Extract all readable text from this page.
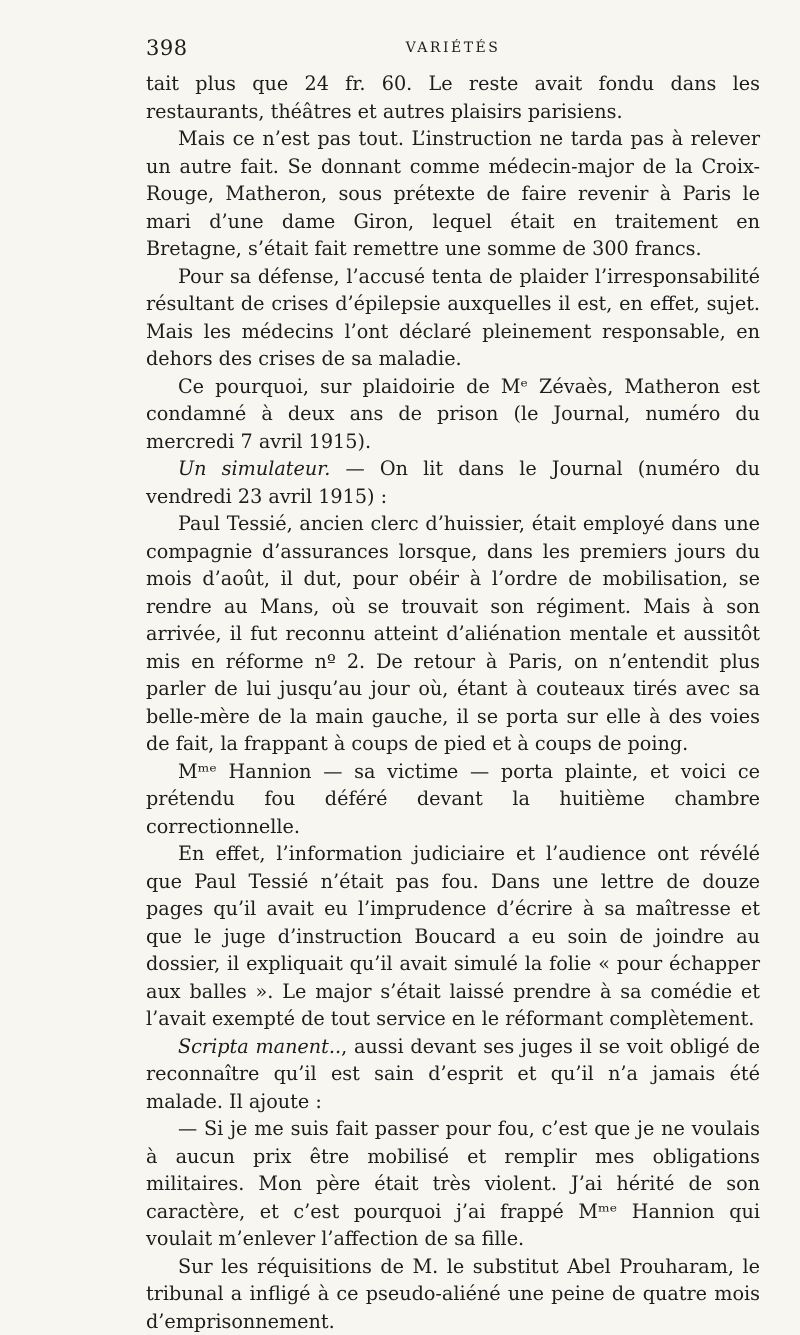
398	VARIÉTÉS

tait plus que 24 fr. 60. Le reste avait fondu dans les restaurants, théâtres et autres plaisirs parisiens.

Mais ce n’est pas tout. L’instruction ne tarda pas à relever un autre fait. Se donnant comme médecin-major de la Croix-Rouge, Matheron, sous prétexte de faire revenir à Paris le mari d’une dame Giron, lequel était en traitement en Bretagne, s’était fait remettre une somme de 300 francs.

Pour sa défense, l’accusé tenta de plaider l’irresponsabilité résultant de crises d’épilepsie auxquelles il est, en effet, sujet. Mais les médecins l’ont déclaré pleinement responsable, en dehors des crises de sa maladie.

Ce pourquoi, sur plaidoirie de Mᵉ Zévaès, Matheron est condamné à deux ans de prison (le Journal, numéro du mercredi 7 avril 1915).

Un simulateur. — On lit dans le Journal (numéro du vendredi 23 avril 1915) :

Paul Tessié, ancien clerc d’huissier, était employé dans une compagnie d’assurances lorsque, dans les premiers jours du mois d’août, il dut, pour obéir à l’ordre de mobilisation, se rendre au Mans, où se trouvait son régiment. Mais à son arrivée, il fut reconnu atteint d’aliénation mentale et aussitôt mis en réforme nº 2. De retour à Paris, on n’entendit plus parler de lui jusqu’au jour où, étant à couteaux tirés avec sa belle-mère de la main gauche, il se porta sur elle à des voies de fait, la frappant à coups de pied et à coups de poing.

Mᵐᵉ Hannion — sa victime — porta plainte, et voici ce prétendu fou déféré devant la huitième chambre correctionnelle.

En effet, l’information judiciaire et l’audience ont révélé que Paul Tessié n’était pas fou. Dans une lettre de douze pages qu’il avait eu l’imprudence d’écrire à sa maîtresse et que le juge d’instruction Boucard a eu soin de joindre au dossier, il expliquait qu’il avait simulé la folie « pour échapper aux balles ». Le major s’était laissé prendre à sa comédie et l’avait exempté de tout service en le réformant complètement.

Scripta manent.., aussi devant ses juges il se voit obligé de reconnaître qu’il est sain d’esprit et qu’il n’a jamais été malade. Il ajoute :

— Si je me suis fait passer pour fou, c’est que je ne voulais à aucun prix être mobilisé et remplir mes obligations militaires. Mon père était très violent. J’ai hérité de son caractère, et c’est pourquoi j’ai frappé Mᵐᵉ Hannion qui voulait m’enlever l’affection de sa fille.

Sur les réquisitions de M. le substitut Abel Prouharam, le tribunal a infligé à ce pseudo-aliéné une peine de quatre mois d’emprisonnement.
